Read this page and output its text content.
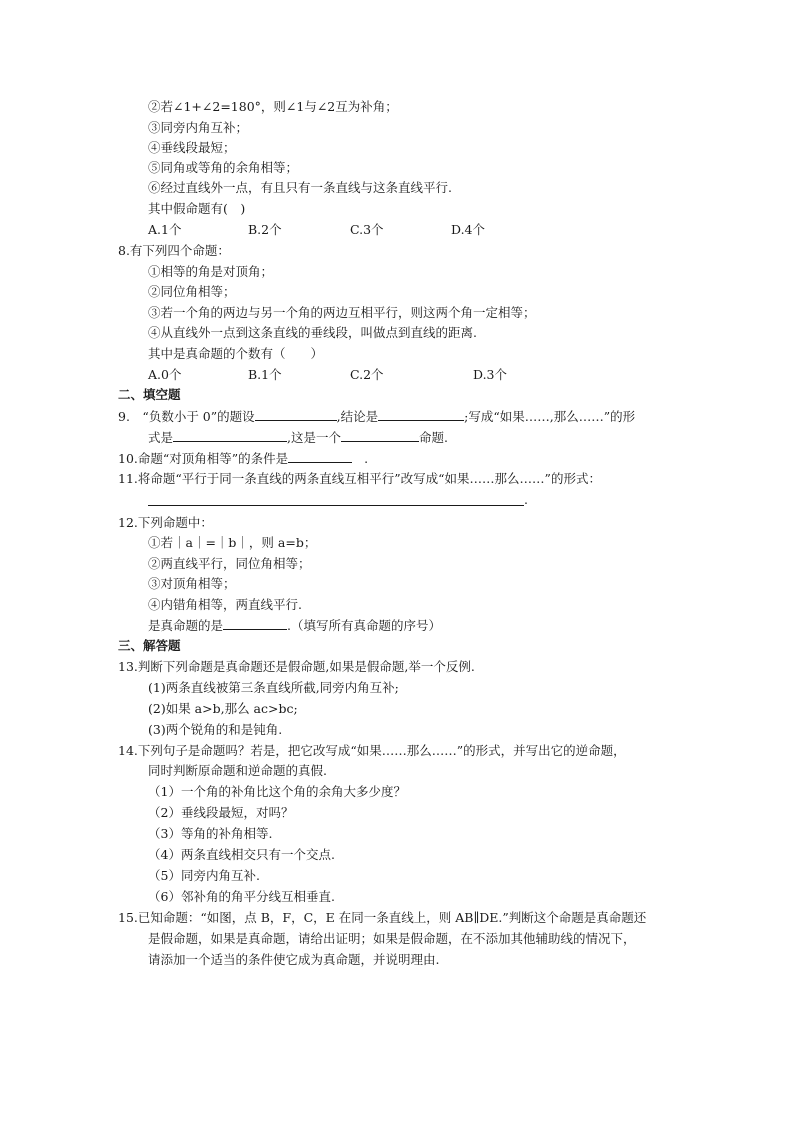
②若∠1+∠2=180°，则∠1与∠2互为补角；
③同旁内角互补；
④垂线段最短；
⑤同角或等角的余角相等；
⑥经过直线外一点，有且只有一条直线与这条直线平行.
其中假命题有(　)
A.1个	B.2个	C.3个	D.4个
8.有下列四个命题：
①相等的角是对顶角；
②同位角相等；
③若一个角的两边与另一个角的两边互相平行，则这两个角一定相等；
④从直线外一点到这条直线的垂线段，叫做点到直线的距离.
其中是真命题的个数有（　　）
A.0个	B.1个	C.2个	D.3个
二、填空题
9.　“负数小于 0”的题设	,结论是	;写成“如果……,那么……”的形
式是	,这是一个	命题.
10.命题“对顶角相等”的条件是	.
11.将命题“平行于同一条直线的两条直线互相平行”改写成“如果……那么……”的形式：
.
12.下列命题中：
①若｜a｜=｜b｜，则 a=b；
②两直线平行，同位角相等；
③对顶角相等；
④内错角相等，两直线平行.
是真命题的是	.（填写所有真命题的序号）
三、解答题
13.判断下列命题是真命题还是假命题,如果是假命题,举一个反例.
(1)两条直线被第三条直线所截,同旁内角互补;
(2)如果 a>b,那么 ac>bc;
(3)两个锐角的和是钝角.
14.下列句子是命题吗？若是，把它改写成“如果……那么……”的形式，并写出它的逆命题，
同时判断原命题和逆命题的真假.
（1）一个角的补角比这个角的余角大多少度？
（2）垂线段最短，对吗？
（3）等角的补角相等.
（4）两条直线相交只有一个交点.
（5）同旁内角互补.
（6）邻补角的角平分线互相垂直.
15.已知命题：“如图，点 B，F，C，E 在同一条直线上，则 AB∥DE.”判断这个命题是真命题还
是假命题，如果是真命题，请给出证明；如果是假命题，在不添加其他辅助线的情况下，
请添加一个适当的条件使它成为真命题，并说明理由.
